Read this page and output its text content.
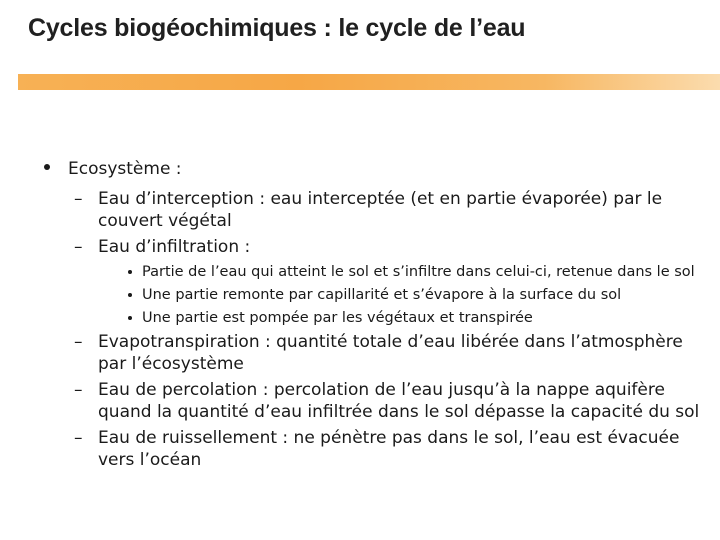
Cycles biogéochimiques : le cycle de l’eau
Ecosystème :
– Eau d’interception : eau interceptée (et en partie évaporée) par le couvert végétal
– Eau d’infiltration :
Partie de l’eau qui atteint le sol et s’infiltre dans celui-ci, retenue dans le sol
Une partie remonte par capillarité et s’évapore à la surface du sol
Une partie est pompée par les végétaux et transpirée
– Evapotranspiration : quantité totale d’eau libérée dans l’atmosphère par l’écosystème
– Eau de percolation : percolation de l’eau jusqu’à la nappe aquifère quand la quantité d’eau infiltrée dans le sol dépasse la capacité du sol
– Eau de ruissellement : ne pénètre pas dans le sol, l’eau est évacuée vers l’océan
